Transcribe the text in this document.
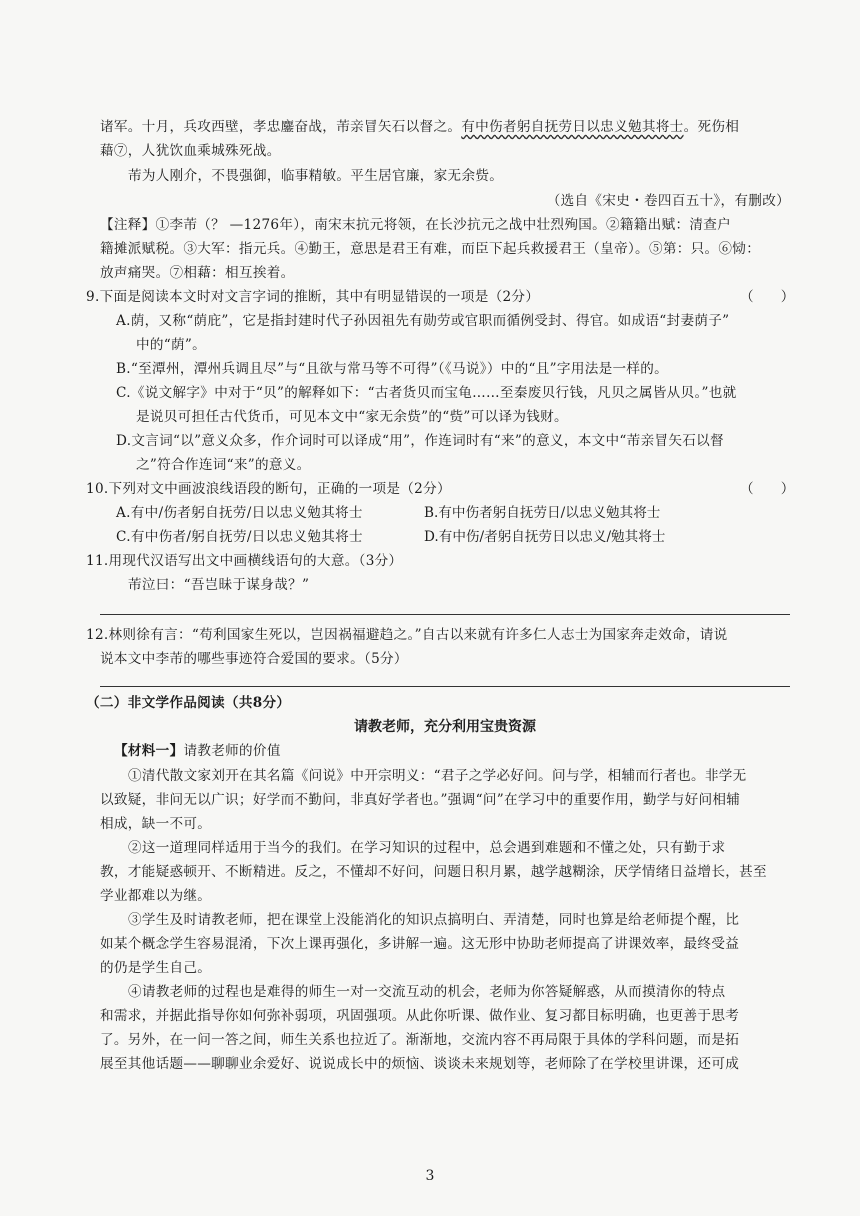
诸军。十月，兵攻西壁，孝忠鏖奋战，芾亲冒矢石以督之。有中伤者躬自抚劳日以忠义勉其将士。死伤相
藉⑦，人犹饮血乘城殊死战。
芾为人刚介，不畏强御，临事精敏。平生居官廉，家无余赀。
（选自《宋史・卷四百五十》，有删改）
【注释】①李芾（？ —1276年），南宋末抗元将领，在长沙抗元之战中壮烈殉国。②籍籍出赋：清查户
籍摊派赋税。③大军：指元兵。④勤王，意思是君王有难，而臣下起兵救援君王（皇帝）。⑤第：只。⑥恸：
放声痛哭。⑦相藉：相互挨着。
9.下面是阅读本文时对文言字词的推断，其中有明显错误的一项是（2分）	（　　）
A.荫，又称“荫庇”，它是指封建时代子孙因祖先有勋劳或官职而循例受封、得官。如成语“封妻荫子”
中的“荫”。
B.“至潭州，潭州兵调且尽”与“且欲与常马等不可得”（《马说》）中的“且”字用法是一样的。
C.《说文解字》中对于“贝”的解释如下：“古者货贝而宝龟……至秦废贝行钱，凡贝之属皆从贝。”也就
是说贝可担任古代货币，可见本文中“家无余赀”的“赀”可以译为钱财。
D.文言词“以”意义众多，作介词时可以译成“用”，作连词时有“来”的意义，本文中“芾亲冒矢石以督
之”符合作连词“来”的意义。
10.下列对文中画波浪线语段的断句，正确的一项是（2分）	（　　）
A.有中/伤者躬自抚劳/日以忠义勉其将士	B.有中伤者躬自抚劳日/以忠义勉其将士
C.有中伤者/躬自抚劳/日以忠义勉其将士	D.有中伤/者躬自抚劳日以忠义/勉其将士
11.用现代汉语写出文中画横线语句的大意。（3分）
芾泣曰：“吾岂昧于谋身哉？”
12.林则徐有言：“苟利国家生死以，岂因祸福避趋之。”自古以来就有许多仁人志士为国家奔走效命，请说
说本文中李芾的哪些事迹符合爱国的要求。（5分）
（二）非文学作品阅读（共8分）
请教老师，充分利用宝贵资源
【材料一】请教老师的价值
①清代散文家刘开在其名篇《问说》中开宗明义：“君子之学必好问。问与学，相辅而行者也。非学无
以致疑，非问无以广识；好学而不勤问，非真好学者也。”强调“问”在学习中的重要作用，勤学与好问相辅
相成，缺一不可。
②这一道理同样适用于当今的我们。在学习知识的过程中，总会遇到难题和不懂之处，只有勤于求
教，才能疑惑顿开、不断精进。反之，不懂却不好问，问题日积月累，越学越糊涂，厌学情绪日益增长，甚至
学业都难以为继。
③学生及时请教老师，把在课堂上没能消化的知识点搞明白、弄清楚，同时也算是给老师提个醒，比
如某个概念学生容易混淆，下次上课再强化，多讲解一遍。这无形中协助老师提高了讲课效率，最终受益
的仍是学生自己。
④请教老师的过程也是难得的师生一对一交流互动的机会，老师为你答疑解惑，从而摸清你的特点
和需求，并据此指导你如何弥补弱项，巩固强项。从此你听课、做作业、复习都目标明确，也更善于思考
了。另外，在一问一答之间，师生关系也拉近了。渐渐地，交流内容不再局限于具体的学科问题，而是拓
展至其他话题——聊聊业余爱好、说说成长中的烦恼、谈谈未来规划等，老师除了在学校里讲课，还可成
3
